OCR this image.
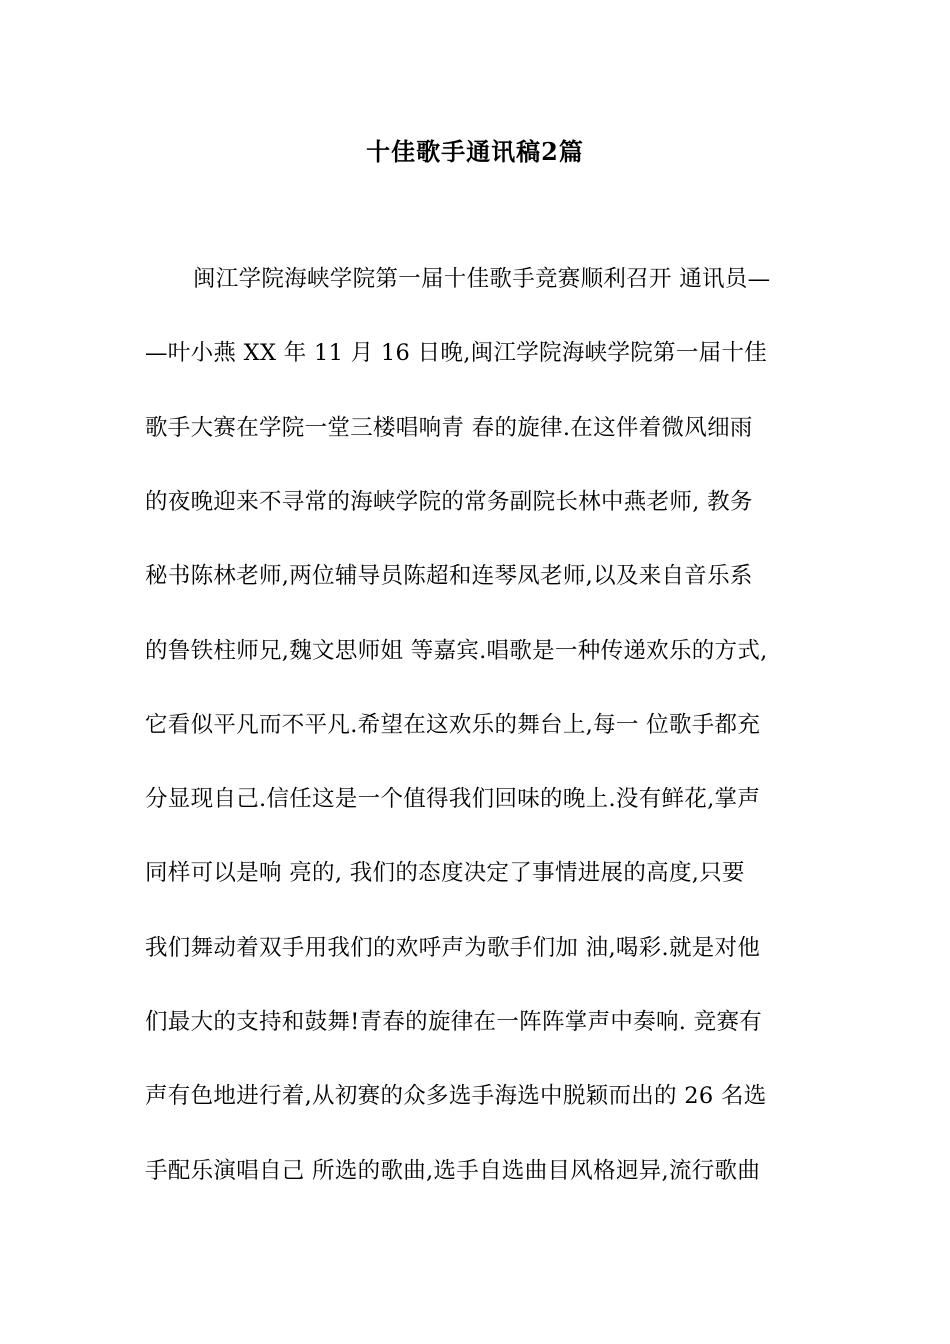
十佳歌手通讯稿2篇
闽江学院海峡学院第一届十佳歌手竞赛顺利召开 通讯员—
—叶小燕 XX 年 11 月 16 日晚,闽江学院海峡学院第一届十佳
歌手大赛在学院一堂三楼唱响青 春的旋律.在这伴着微风细雨
的夜晚迎来不寻常的海峡学院的常务副院长林中燕老师, 教务
秘书陈林老师,两位辅导员陈超和连琴凤老师,以及来自音乐系
的鲁铁柱师兄,魏文思师姐 等嘉宾.唱歌是一种传递欢乐的方式,
它看似平凡而不平凡.希望在这欢乐的舞台上,每一 位歌手都充
分显现自己.信任这是一个值得我们回味的晚上.没有鲜花,掌声
同样可以是响 亮的, 我们的态度决定了事情进展的高度,只要
我们舞动着双手用我们的欢呼声为歌手们加 油,喝彩.就是对他
们最大的支持和鼓舞!青春的旋律在一阵阵掌声中奏响. 竞赛有
声有色地进行着,从初赛的众多选手海选中脱颖而出的 26 名选
手配乐演唱自己 所选的歌曲,选手自选曲目风格迥异,流行歌曲
